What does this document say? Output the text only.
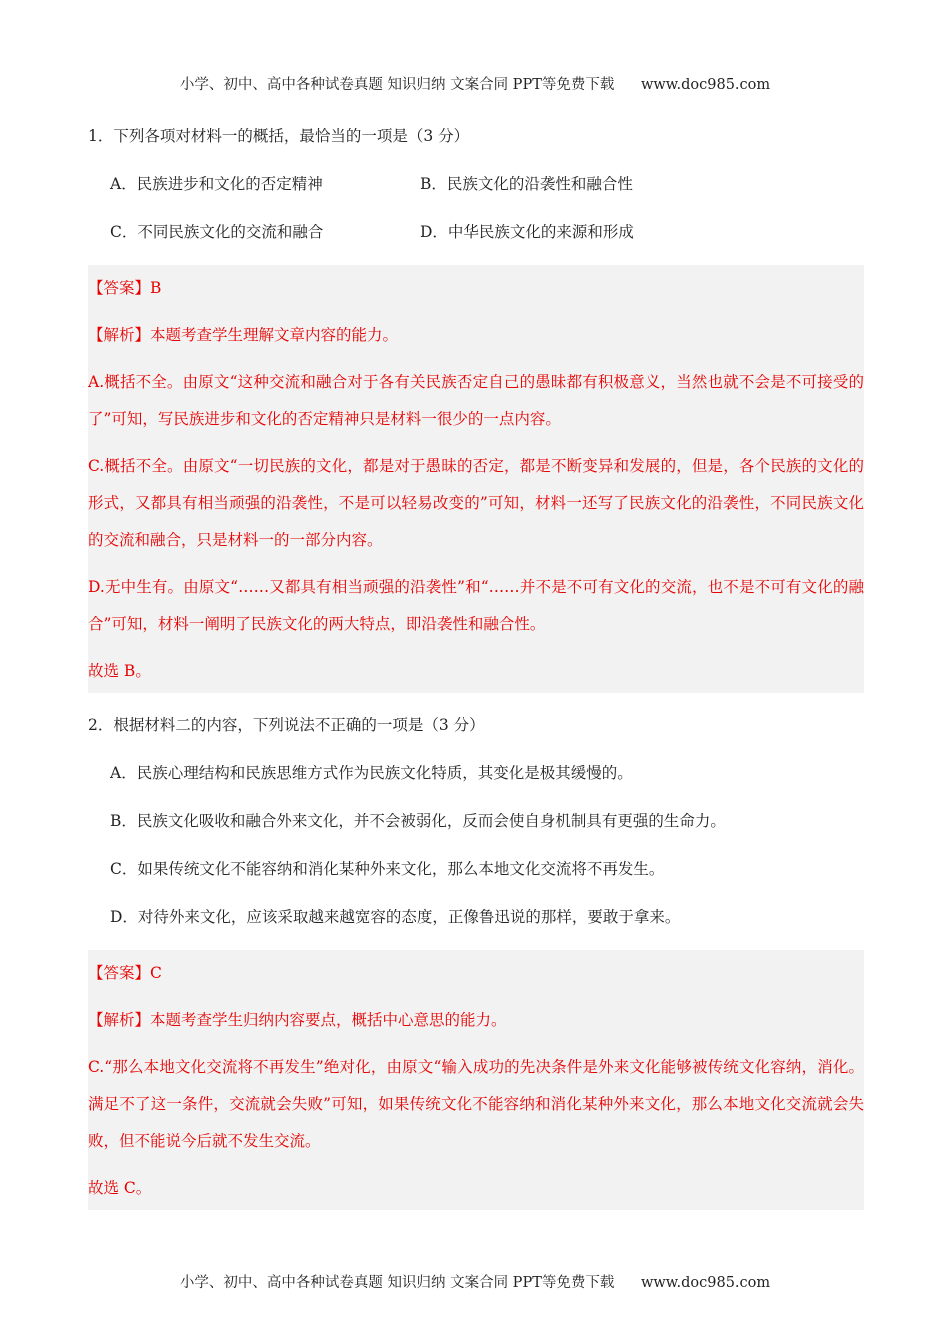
小学、初中、高中各种试卷真题 知识归纳 文案合同 PPT等免费下载 www.doc985.com

1．下列各项对材料一的概括，最恰当的一项是（3 分）

A．民族进步和文化的否定精神	B．民族文化的沿袭性和融合性
C．不同民族文化的交流和融合	D．中华民族文化的来源和形成

【答案】B

【解析】本题考查学生理解文章内容的能力。

A.概括不全。由原文“这种交流和融合对于各有关民族否定自己的愚昧都有积极意义，当然也就不会是不可接受的了”可知，写民族进步和文化的否定精神只是材料一很少的一点内容。

C.概括不全。由原文“一切民族的文化，都是对于愚昧的否定，都是不断变异和发展的，但是，各个民族的文化的形式，又都具有相当顽强的沿袭性，不是可以轻易改变的”可知，材料一还写了民族文化的沿袭性，不同民族文化的交流和融合，只是材料一的一部分内容。

D.无中生有。由原文“……又都具有相当顽强的沿袭性”和“……并不是不可有文化的交流，也不是不可有文化的融合”可知，材料一阐明了民族文化的两大特点，即沿袭性和融合性。

故选 B。

2．根据材料二的内容，下列说法不正确的一项是（3 分）

A．民族心理结构和民族思维方式作为民族文化特质，其变化是极其缓慢的。
B．民族文化吸收和融合外来文化，并不会被弱化，反而会使自身机制具有更强的生命力。
C．如果传统文化不能容纳和消化某种外来文化，那么本地文化交流将不再发生。
D．对待外来文化，应该采取越来越宽容的态度，正像鲁迅说的那样，要敢于拿来。

【答案】C

【解析】本题考查学生归纳内容要点，概括中心意思的能力。

C.“那么本地文化交流将不再发生”绝对化，由原文“输入成功的先决条件是外来文化能够被传统文化容纳，消化。满足不了这一条件，交流就会失败”可知，如果传统文化不能容纳和消化某种外来文化，那么本地文化交流就会失败，但不能说今后就不发生交流。

故选 C。

小学、初中、高中各种试卷真题 知识归纳 文案合同 PPT等免费下载 www.doc985.com
